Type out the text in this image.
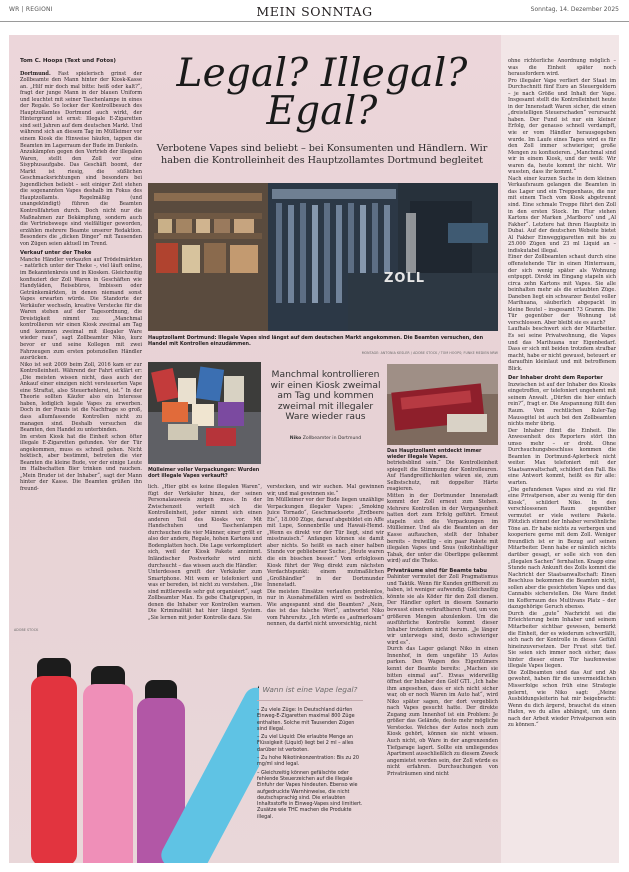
WR | REGIONI	MEIN SONNTAG	Sonntag, 14. Dezember 2025
Tom C. Hoops (Text und Fotos)

Dortmund. Fast spielerisch grinst der Zollbeamte den Mann hinter der Kiosk-Kasse an. „Hilf mir doch mal bitte: heiß oder kalt?“, fragt der junge Mann in der blauen Uniform und leuchtet mit seiner Taschenlampe in eines der Regale. So locker der Kontrollbesuch des Hauptzollamtes Dortmund auch wirkt, der Hintergrund ist ernst: Illegale E-Zigaretten sind seit Jahren auf dem deutschen Markt. Und während sich an diesem Tag im Müllleimer vor einem Kiosk die Hinweise häufen, tappen die Beamten im Lagerraum der Bude im Dunkeln.

Anzukämpfen gegen den Vertrieb der illegalen Waren, stellt den Zoll vor eine Sisyphusaufgabe. Das Geschäft boomt, der Markt ist riesig, die süßlichen Geschmacksrichtungen sind besonders bei Jugendlichen beliebt – seit einiger Zeit stehen die sogenannten Vapes deshalb im Fokus des Hauptzollamts. Regelmäßig (und unangekündigt) führen die Beamten Kontrollfahrten durch. Doch nicht nur die Maßnahmen zur Bekämpfung, sondern auch die Vertriebswege sind vielfältiger geworden, erzählen mehrere Beamte unserer Redaktion. Besonders die „dicken Dinger“ mit Tausenden von Zügen seien aktuell im Trend.

Verkauf unter der Theke

Manche Händler verkaufen auf Trödelmärkten – natürlich unter der Theke –, viel läuft online, im Bekanntenkreis und in Kiosken. Gleichzeitig konfisziert der Zoll Waren in Geschäften wie Handyläden, Reisebüros, Imbissen oder Getränkemärkten, in denen niemand sonst Vapes erwarten würde. Die Standorte der Verkäufer wechseln, kreative Verstecke für die Waren stehen auf der Tagesordnung, die Dreistigkeit nimmt zu: „Manchmal kontrollieren wir einen Kiosk zweimal am Tag und kommen zweimal mit illegaler Ware wieder raus“, sagt Zollbeamter Niko, kurz bevor er und seine Kollegen mit zwei Fahrzeugen zum ersten potenziellen Händler ausrücken.

Niko ist seit 2009 beim Zoll, 2016 kam er zur Kontrolleinheit. Während der Fahrt erklärt er: „Die meisten wissen nicht, dass auch der Ankauf einer einzigen nicht versteuerten Vape eine Straftat, also Steuerhehlerei, ist.“ In der Theorie sollten Käufer also ein Interesse haben, lediglich legale Vapes zu erwerben. Doch in der Praxis ist die Nachfrage so groß, dass allumfassende Kontrollen nicht zu managen sind. Deshalb versuchen die Beamten, den Handel zu unterbinden.

Im ersten Kiosk hat die Einheit schon öfter illegale E-Zigaretten gefunden. Vor der Tür angekommen, muss es schnell gehen. Nicht hektisch, aber bestimmt, betreten die vier Beamten die kleine Bude, vor der einige Leute im Halbschatten Bier trinken und rauchen. „Mein Bruder ist der Inhaber“, sagt der Mann hinter der Kasse. Die Beamten grüßen ihn freund-

Legal? Illegal?
Egal?
Verbotene Vapes sind beliebt – bei Konsumenten und Händlern. Wir haben die Kontrolleinheit des Hauptzollamtes Dortmund begleitet
ZOLL
Hauptzollamt Dortmund: Illegale Vapes sind längst auf dem deutschen Markt angekommen. Die Beamten versuchen, den Handel mit Kontrollen einzudämmen.
MONTAGE: ANTONIA KESLER / ADOBE STOCK / TOM HOOPS; FUNKE MEDIEN NRW
Mülleimer voller Verpackungen: Wurden dort illegale Vapes verkauft?
Manchmal kontrollieren wir einen Kiosk zweimal am Tag und kommen zweimal mit illegaler Ware wieder raus
Niko Zollbeamter in Dortmund
Das Hauptzollamt entdeckt immer wieder illegale Vapes.

lich. „Hier gibt es keine illegalen Waren“, fügt der Verkäufer hinzu, der seinen Personalausweis zeigen muss. In der Zwischenzeit verteilt sich die Kontrolleinheit, jeder nimmt sich einen anderen Teil des Kiosks vor. Mit Handschuhen und Taschenlampen durchsuchen die vier Männer, einer grölt er also der andere, Regale, hohen Kartons und Bodenplatten hoch. Die Lage verkompliziert sich, weil der Kiosk Pakete annimmt. Inländischer Postverkehr wird nicht durchsucht – das wissen auch die Händler.

Unterdessen greift der Verkäufer zum Smartphone. Mit wem er telefoniert und was er bereden, ist nicht zu verstehen. „Die sind mittlerweile sehr gut organisiert“, sagt Zollbeamter Max. Es gebe Chatgruppen, in denen die Inhaber vor Kontrollen warnen. Die Kriminalität hat hier längst System. „Sie lernen mit jeder Kontrolle dazu. Sie

verstecken, und wir suchen. Mal gewinnen wir, und mal gewinnen sie.“

Im Müllleimer vor der Bude liegen unzählige Verpackungen illegaler Vapes: „Smoking Juice Tornado“, Geschmacksorte „Erdbeere Eis“, 18.000 Züge, darauf abgebildet ein Affe mit Lupe, Sonnenbrille und Hawaii-Hemd. „Wenn es direkt vor der Tür liegt, sind wir misstrauisch.“ Anfangen können sie damit aber nichts. So heißt es nach einer halben Stunde vor gebliebener Suche: „Heute waren die ein bisschen besser.“ Vom erfolglosen Kiosk führt der Weg direkt zum nächsten Verdachtspunkt: einem mutmaßlichen „Großhändler“ in der Dortmunder Innenstadt.

Die meisten Einsätze verlaufen problemlos, nur in Ausnahmefällen wird es bedrohlich. Wie angespannt sind die Beamten? „Nein, das ist das falsche Wort“, antwortet Niko vom Fahrersitz. „Ich würde es „aufmerksam“ nennen, du darfst nicht unvorsichtig, nicht

betriebsblind sein.“ Die Kontrolleinheit spiegelt die Stimmung der Kontrolleuren. Auf Handgreiflichkeiten wären sie, zum Selbstschutz, mit doppelter Härte reagieren.

Mitten in der Dortmunder Innenstadt kommt der Zoll erneut zum Stehen. Mehrere Kontrollen in der Vergangenheit hatten dort zum Erfolg geführt. Erneut stapeln sich die Verpackungen im Müllleimer. Und als die Beamten an der Kasse auftauchen, stellt der Inhaber bereits – freiwillig – ein paar Pakete mit illegalen Vapes und Snus (nikotinhaltiger Tabak, der unter die Oberlippe gelkemmt wird) auf die Theke.

Privaträume sind für Beamte tabu

Dahinter vermutet der Zoll Pragmatismus und Taktik. Wenn für Kunden griffbereit zu haben, ist weniger aufwendig. Gleichzeitig könnte sie als Köder für den Zoll dienen. Der Händler opfert in diesem Szenario bewusst einen verkraftbaren Fund, um von größeren Mengen abzulenken. Um die ausführliche Kontrolle kommt dieser Inhaber trotzdem nicht herum. „Je länger wir unterwegs sind, desto schwieriger wird es“.

Durch das Lager gelangt Niko in einen Innenhof, in dem ungefähr 15 Autos parken. Den Wagen des Eigentümers kennt der Beamte bereits: „Machen sie bitten einmal auf“. Etwas widerwillig öffnet der Inhaber den Golf GTI. „Ich habe ihm angesehen, dass er sich nicht sicher war, ob er noch Waren im Auto hat“, wird Niko später sagen, der dort vergeblich nach Vapes gesucht hatte. Der direkte Zugang zum Innenhof ist ein Problem: Je größer das Gelände, desto mehr mögliche Verstecke. Welches der Autos noch zum Kiosk gehört, können sie nicht wissen. Auch nicht, ob Ware in der angrenzenden Tiefgarage lagert. Sollte ein umliegendes Apartment ausschließlich zu diesem Zweck angemietet worden sein, der Zoll würde es nicht erfahren. Durchsuchungen von Privaträumen sind nicht

ohne richterliche Anordnung möglich – was die Einheit später noch herausfordern wird.

Pro illegaler Vape verliert der Staat im Durchschnitt fünf Euro an Steuergeldern – je nach Größe und Inhalt der Vape. Insgesamt stellt die Kontrolleinheit heute in der Innenstadt Waren sicher, die einen „dreistelligen Steuerschaden“ verursacht haben. Der Fund ist nur ein kleiner Erfolg, der genauso schnell verdampft, wie er vom Händler herausgegeben wurde. Im Laufe eines Tages wird es für den Zoll immer schwieriger, große Mengen zu konfiszieren. „Manchmal sind wir in einem Kiosk, und der weiß: Wir waren da, heute kommt ihr nicht. Wir wussten, dass ihr kommt.“

Nach einer kurzen Suche in dem kleinen Verkaufsraum gelangen die Beamten in das Lager und ein Treppenhaus, die nur mit einem Tisch vom Kiosk abgetrennt sind. Eine schmale Treppe führt den Zoll in den ersten Stock. Im Flur stehen Kartons der Marken „Marlboro“ und „Al Fakher“. Letztere hat ihren Hauptsitz in Dubai. Auf der deutschen Website bietet Al Fakher Einweggigaretten mit bis zu 25.000 Zügen und 23 ml Liquid an – indiskutabel illegal.

Einer der Zollbeamten schaut durch eine offenstehende Tür in einen Hinterraum, der sich wenig später als Wohnung entpuppt. Direkt im Eingang stapeln sich circa zehn Kartons mit Vapes. Sie alle beinhalten mehr als die erlaubten Züge. Daneben liegt ein schwarzer Beutel voller Marihuana, säuberlich abgepackt in kleine Beutel – insgesamt 73 Gramm. Die Tür gegenüber der Wohnung ist verschlossen. Aber bleibt sie es auch?

Laufhals beschwert sich der Mitarbeiter. Es sei seine Privatwohnung, die Vapes und das Marihuana nur Eigenbedarf. Dass er sich mit beiden trotzdem strafbar macht, habe er nicht gewusst, beteuert er daraufhin kleinlaut und mit betroffenem Blick.

Der Inhaber droht dem Reporter

Inzwischen ist auf der Inhaber des Kiosks eingetroffen, er telefoniert ungehemt mit seinem Anwalt. „Dürfen die hier einfach rein?“, fragt er. Die Anspannung füllt den Raum. Vom rechtlichen Kuler-Tag Maussgitel ist auch bei den Zollbeamten nichts mehr übrig.

Der Inhaber filmt die Einheit. Die Anwesenheit des Reporters stört ihn umso mehr – er droht. Ohne Durchsuchungsbeschluss kommen die Beamten in Dortmund-Aplerbeck nicht weiter. Max telefoniert mit der Staatsanwaltschaft, schildert den Fall. Bis eine Antwort kommt, heißt es für alle: warten.

„Die gefundenen Vapes sind zu viel für eine Privatperson, aber zu wenig für den Kiosk“, schildert Niko. In den verschlossenen Raum gegenüber vermutet er viele weitere Pakete. Plötzlich stimmt der Inhaber versöhnliche Töne an. Er habe nichts zu verbergen und kooperiere gerne mit dem Zoll. Weniger freundlich ist er in Bezug auf seinen Mitarbeiter. Denn habe er nämlich nichts darüber gesagt, er solle sich von den „illegalen Sachen“ fernhalten. Knapp eine Stunde nach Ankunft des Zolls kommt die Nachricht der Staatsanwaltschaft: Einen Beschluss bekommen die Beamten nicht, sollen aber die gesichteten Vapes und das Cannabis sicherstellen. Die Ware findet im Kofferraum des Multivans Platz – der dazugehörige Geruch ebenso.

Durch die „gute“ Nachricht sei die Erleichterung beim Inhaber und seinem Mitarbeiter sichtbar gewesen, bemerkt die Einheit, der es wiederum schwerfällt, sich nach der Kontrolle in dieses Gefühl hineinzuversetzen. Der Frust sitzt tief. Sie seien sich immer noch sicher, dass hinter dieser einen Tür haufenweise illegale Vapes liegen.

Die Zollbeamten sind das Auf und Ab gewohnt, haben für die unvermeidlichen Misserfolge schon früh eine Strategie gelernt, wie Niko sagt: „Meine Ausbildungsleiterin hat mir beigebracht: Wenn du dich ärgerst, brauchst du einen Hafen, wo du alles abhängst, um dann nach der Arbeit wieder Privatperson sein zu können.“

ADOBE STOCK
Wann ist eine Vape legal?
– Zu viele Züge: In Deutschland dürfen Einweg-E-Zigaretten maximal 800 Züge enthalten. Solche mit Tausenden Zügen sind illegal.
– Zu viel Liquid: Die erlaubte Menge an Flüssigkeit (Liquid) liegt bei 2 ml – alles darüber ist verboten.
– Zu hohe Nikotinkonzentration: Bis zu 20 mg/ml sind legal.
– Gleichzeitig können gefälschte oder fehlende Steuerzeichen auf die illegale Einfuhr der Vapes hindeuten. Ebenso wie aufgedruckte Warnhinweise, die nicht deutschsprachig sind. Die erlaubten Inhaltsstoffe in Einweg-Vapes sind limitiert. Zusätze wie THC machen die Produkte illegal.
